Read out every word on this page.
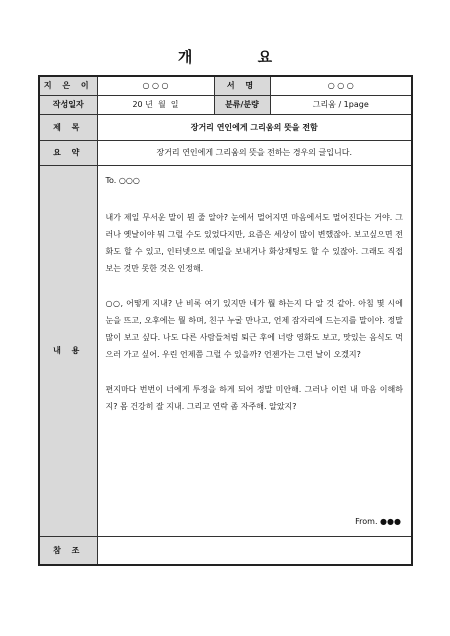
개 요
지 은 이	○ ○ ○	서 명	○ ○ ○
작성일자	20 년  월  일	분류/분량	그리움 / 1page
제 목	장거리 연인에게 그리움의 뜻을 전함		
요 약	장거리 연인에게 그리움의 뜻을 전하는 경우의 글입니다.		
내 용	To. ○○○

내가 제일 무서운 말이 뭔 줄 알아? 눈에서 멀어지면 마음에서도 멀어진다는 거야. 그러나 옛날이야 뭐 그럴 수도 있었다지만, 요즘은 세상이 많이 변했잖아. 보고싶으면 전화도 할 수 있고, 인터넷으로 메일을 보내거나 화상채팅도 할 수 있잖아. 그래도 직접 보는 것만 못한 것은 인정해.

○○, 어떻게 지내? 난 비록 여기 있지만 네가 뭘 하는지 다 알 것 같아. 아침 몇 시에 눈을 뜨고, 오후에는 뭘 하며, 친구 누굴 만나고, 언제 잠자리에 드는지를 말이야. 정말 많이 보고 싶다. 나도 다른 사람들처럼 퇴근 후에 너랑 영화도 보고, 맛있는 음식도 먹으러 가고 싶어. 우린 언제쯤 그럴 수 있을까? 언젠가는 그런 날이 오겠지?

편지마다 번번이 너에게 투정을 하게 되어 정말 미안해. 그러나 이런 내 마음 이해하지? 몸 건강히 잘 지내. 그리고 연락 좀 자주해. 알았지?

From. ●●●		

참 조			
